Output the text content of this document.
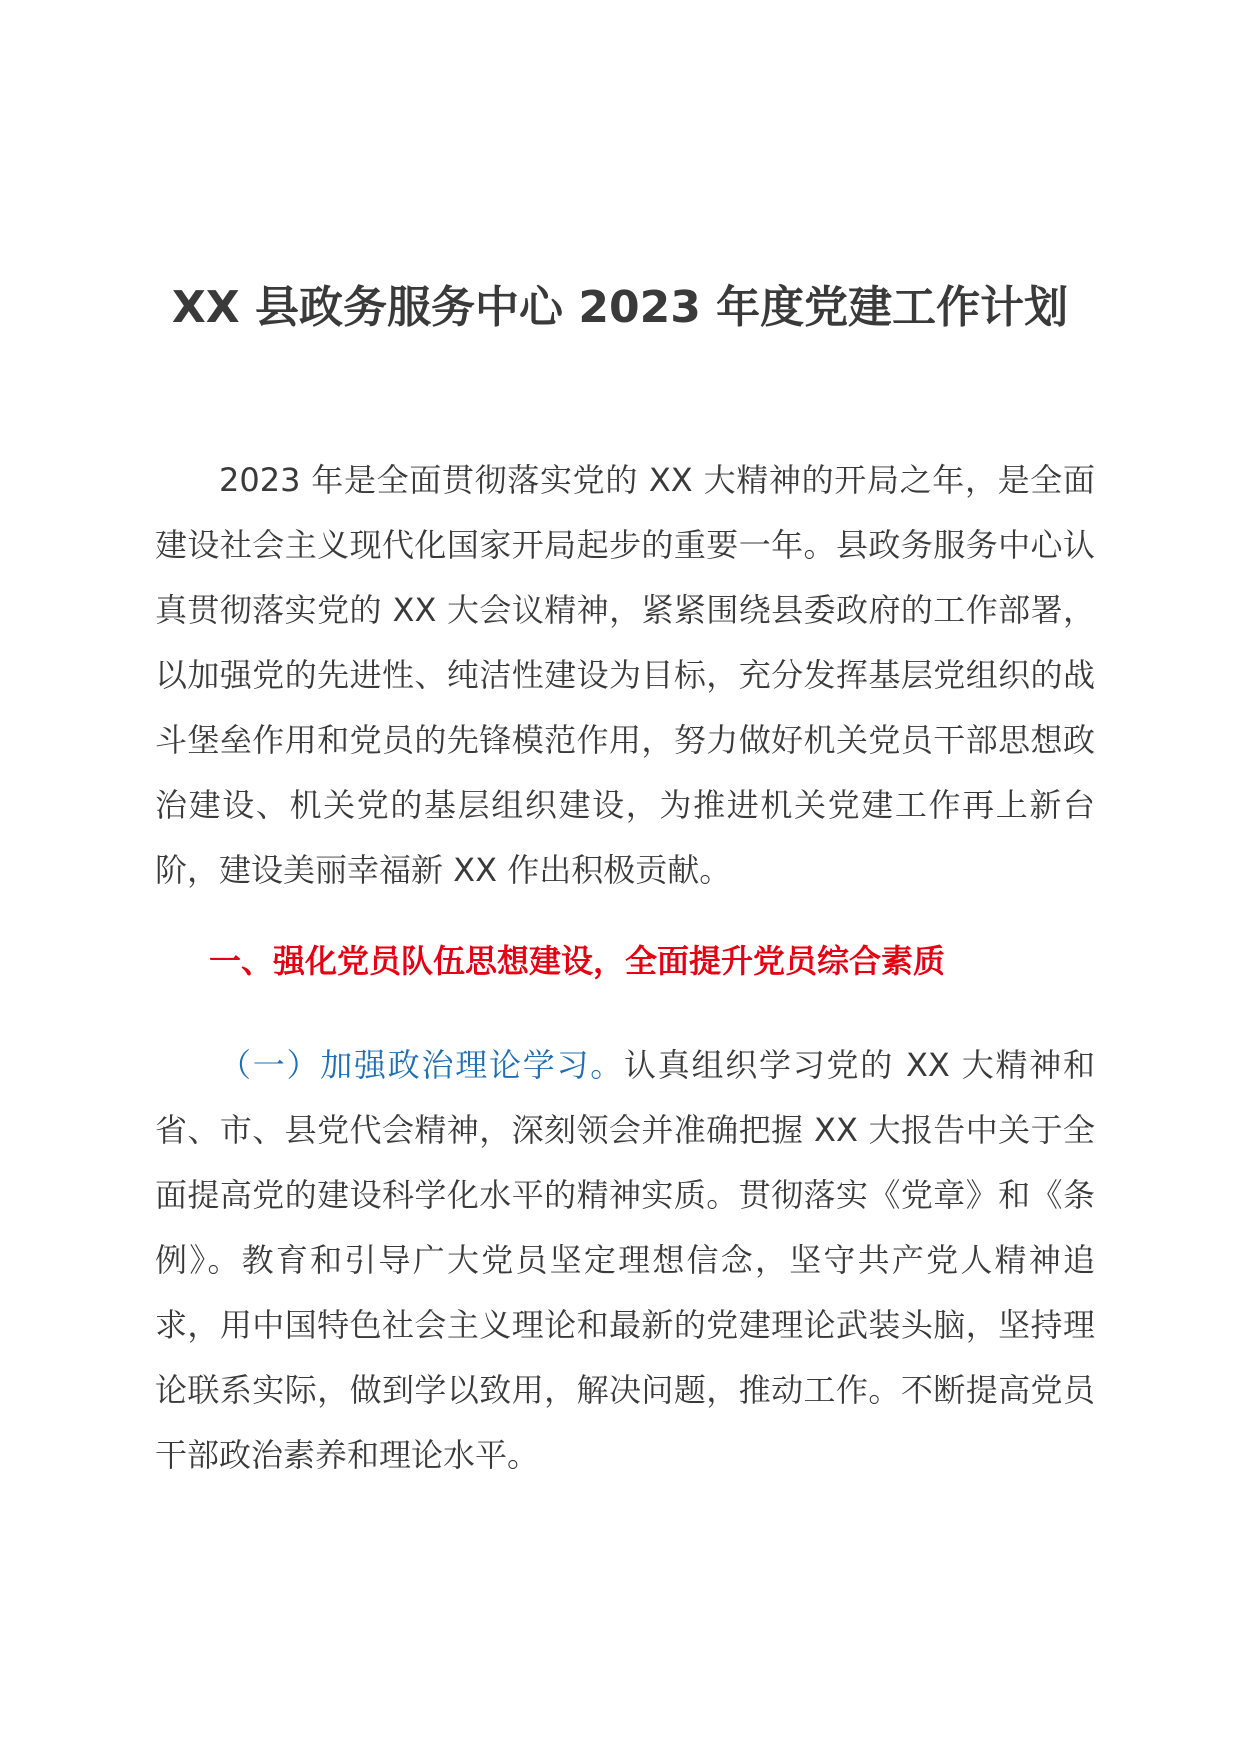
XX 县政务服务中心 2023 年度党建工作计划

2023 年是全面贯彻落实党的 XX 大精神的开局之年，是全面建设社会主义现代化国家开局起步的重要一年。县政务服务中心认真贯彻落实党的 XX 大会议精神，紧紧围绕县委政府的工作部署，以加强党的先进性、纯洁性建设为目标，充分发挥基层党组织的战斗堡垒作用和党员的先锋模范作用，努力做好机关党员干部思想政治建设、机关党的基层组织建设，为推进机关党建工作再上新台阶，建设美丽幸福新 XX 作出积极贡献。

一、强化党员队伍思想建设，全面提升党员综合素质

（一）加强政治理论学习。认真组织学习党的 XX 大精神和省、市、县党代会精神，深刻领会并准确把握 XX 大报告中关于全面提高党的建设科学化水平的精神实质。贯彻落实《党章》和《条例》。教育和引导广大党员坚定理想信念，坚守共产党人精神追求，用中国特色社会主义理论和最新的党建理论武装头脑，坚持理论联系实际，做到学以致用，解决问题，推动工作。不断提高党员干部政治素养和理论水平。
